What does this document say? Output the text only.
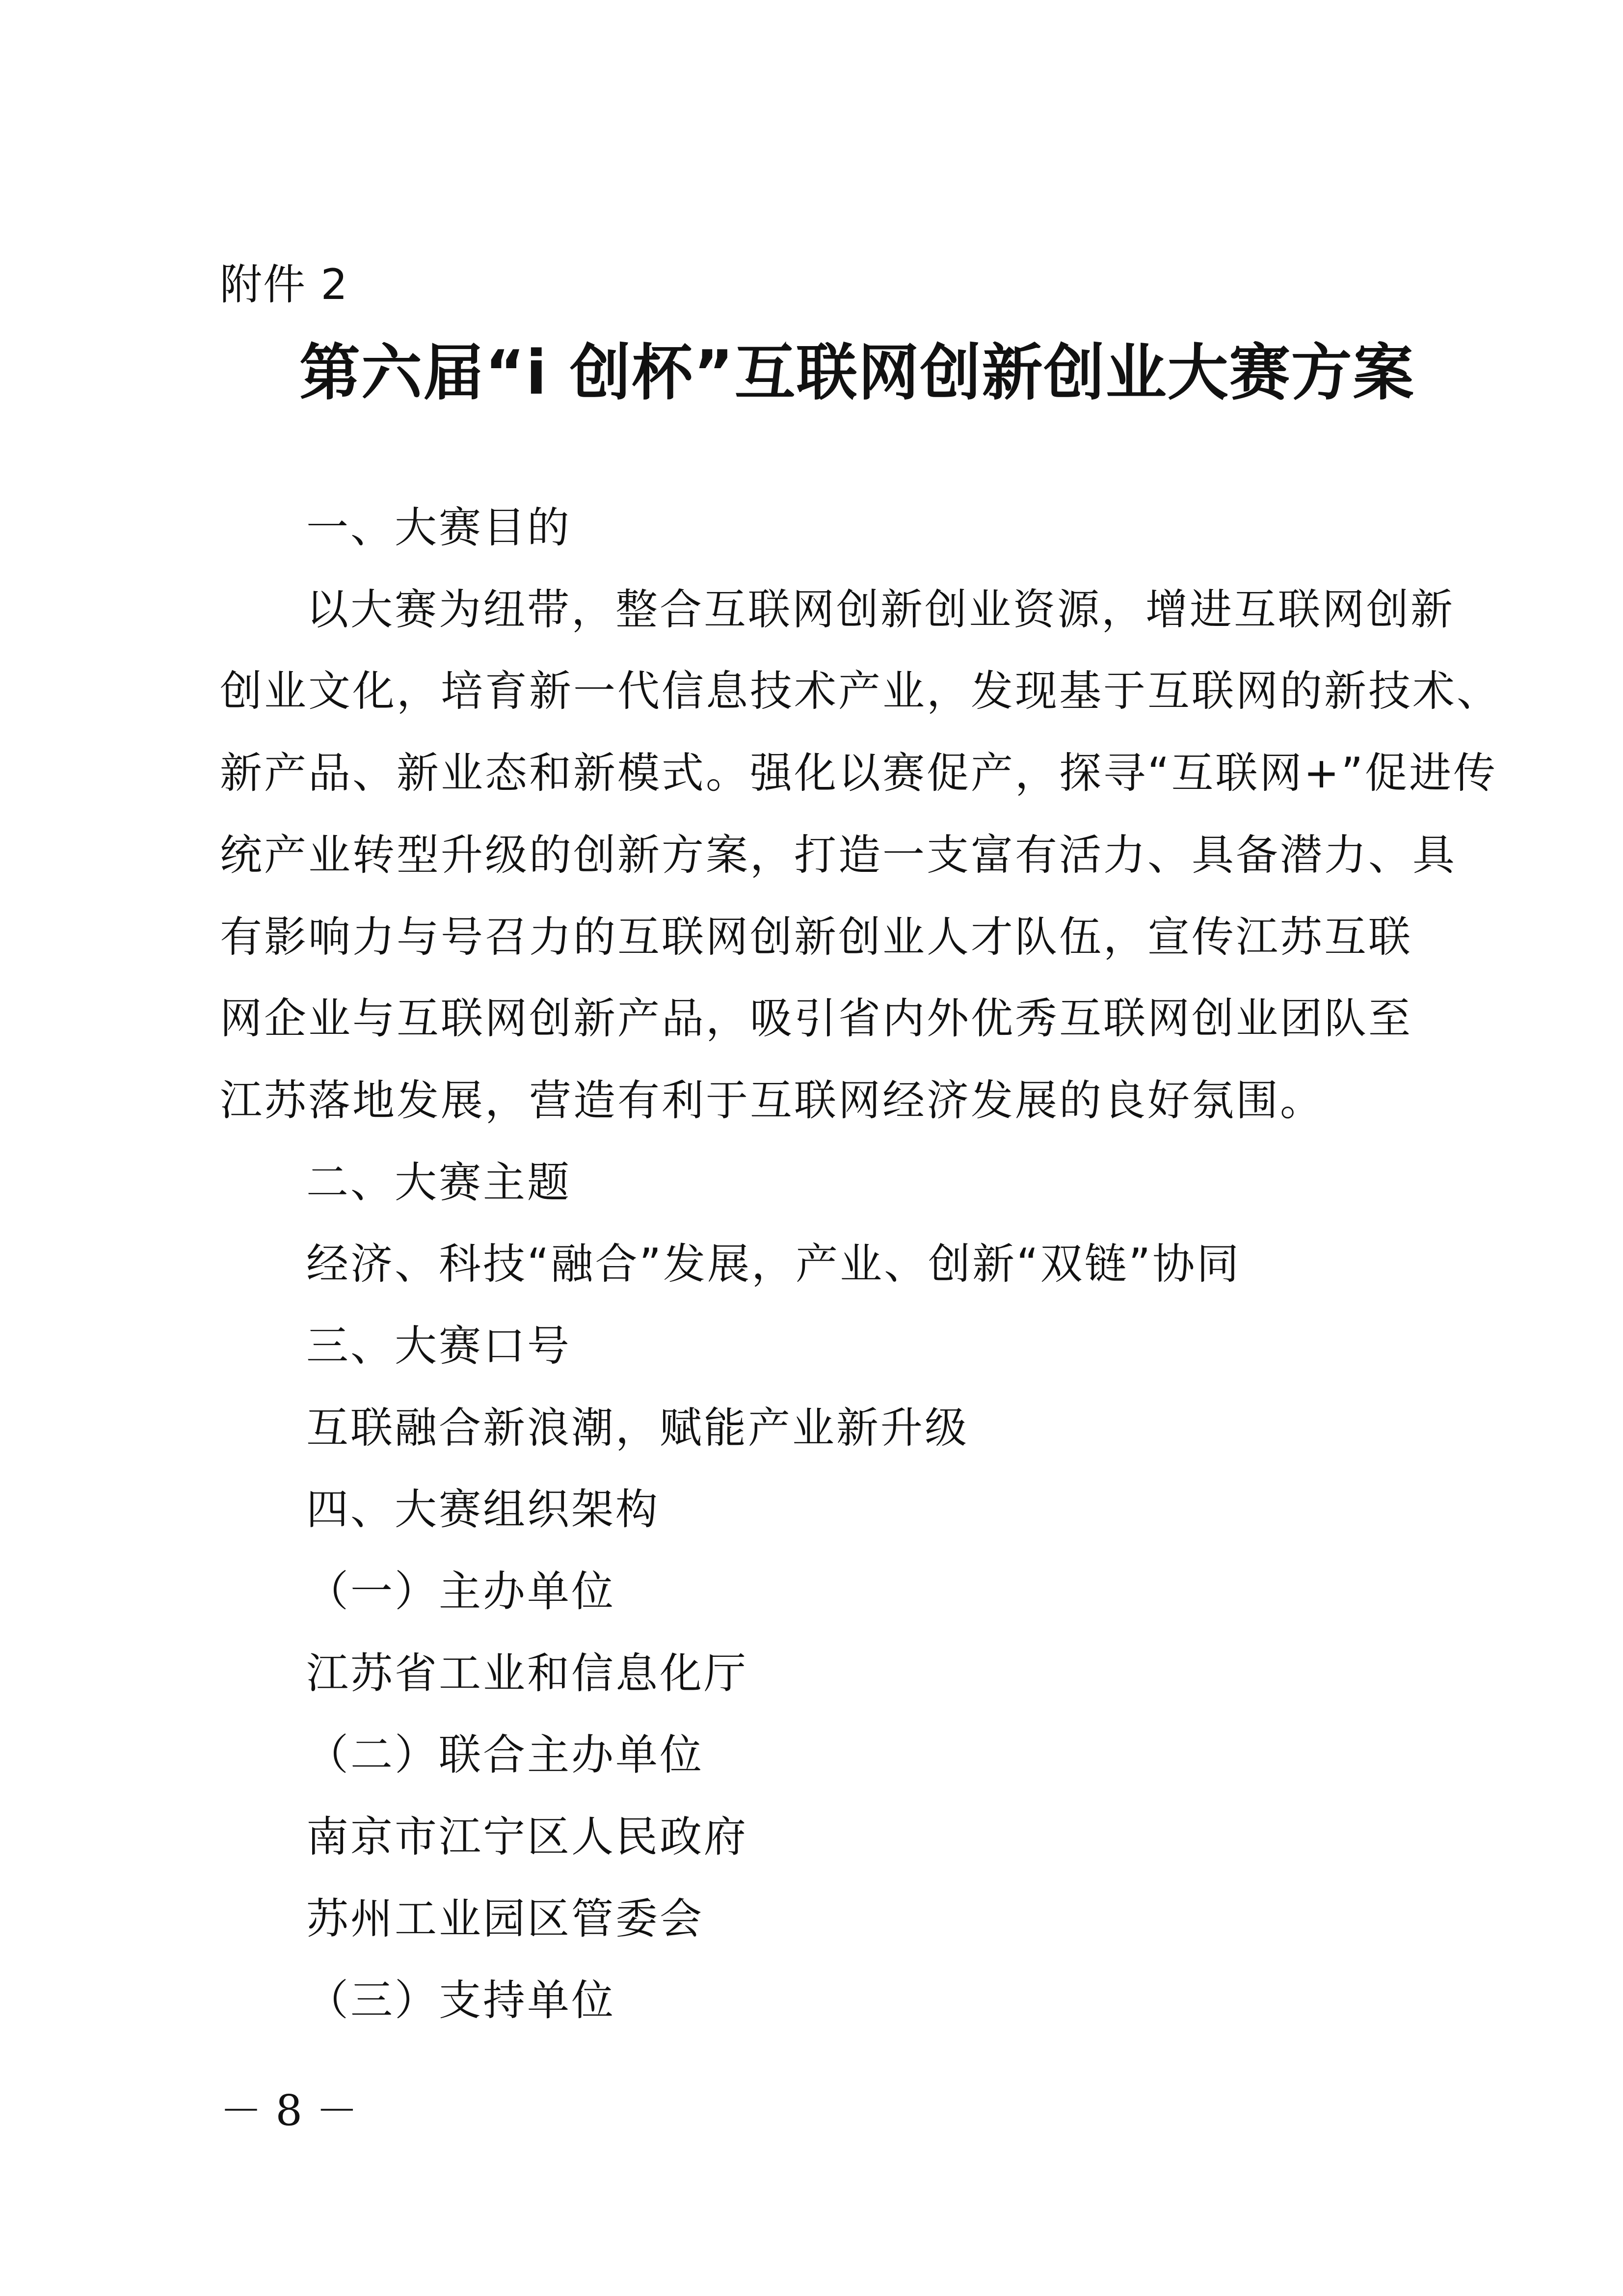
附件 2
第六届“i 创杯”互联网创新创业大赛方案
一、大赛目的
以大赛为纽带，整合互联网创新创业资源，增进互联网创新
创业文化，培育新一代信息技术产业，发现基于互联网的新技术、
新产品、新业态和新模式。强化以赛促产，探寻“互联网+”促进传
统产业转型升级的创新方案，打造一支富有活力、具备潜力、具
有影响力与号召力的互联网创新创业人才队伍，宣传江苏互联
网企业与互联网创新产品，吸引省内外优秀互联网创业团队至
江苏落地发展，营造有利于互联网经济发展的良好氛围。
二、大赛主题
经济、科技“融合”发展，产业、创新“双链”协同
三、大赛口号
互联融合新浪潮，赋能产业新升级
四、大赛组织架构
（一）主办单位
江苏省工业和信息化厅
（二）联合主办单位
南京市江宁区人民政府
苏州工业园区管委会
（三）支持单位
－ 8 －
